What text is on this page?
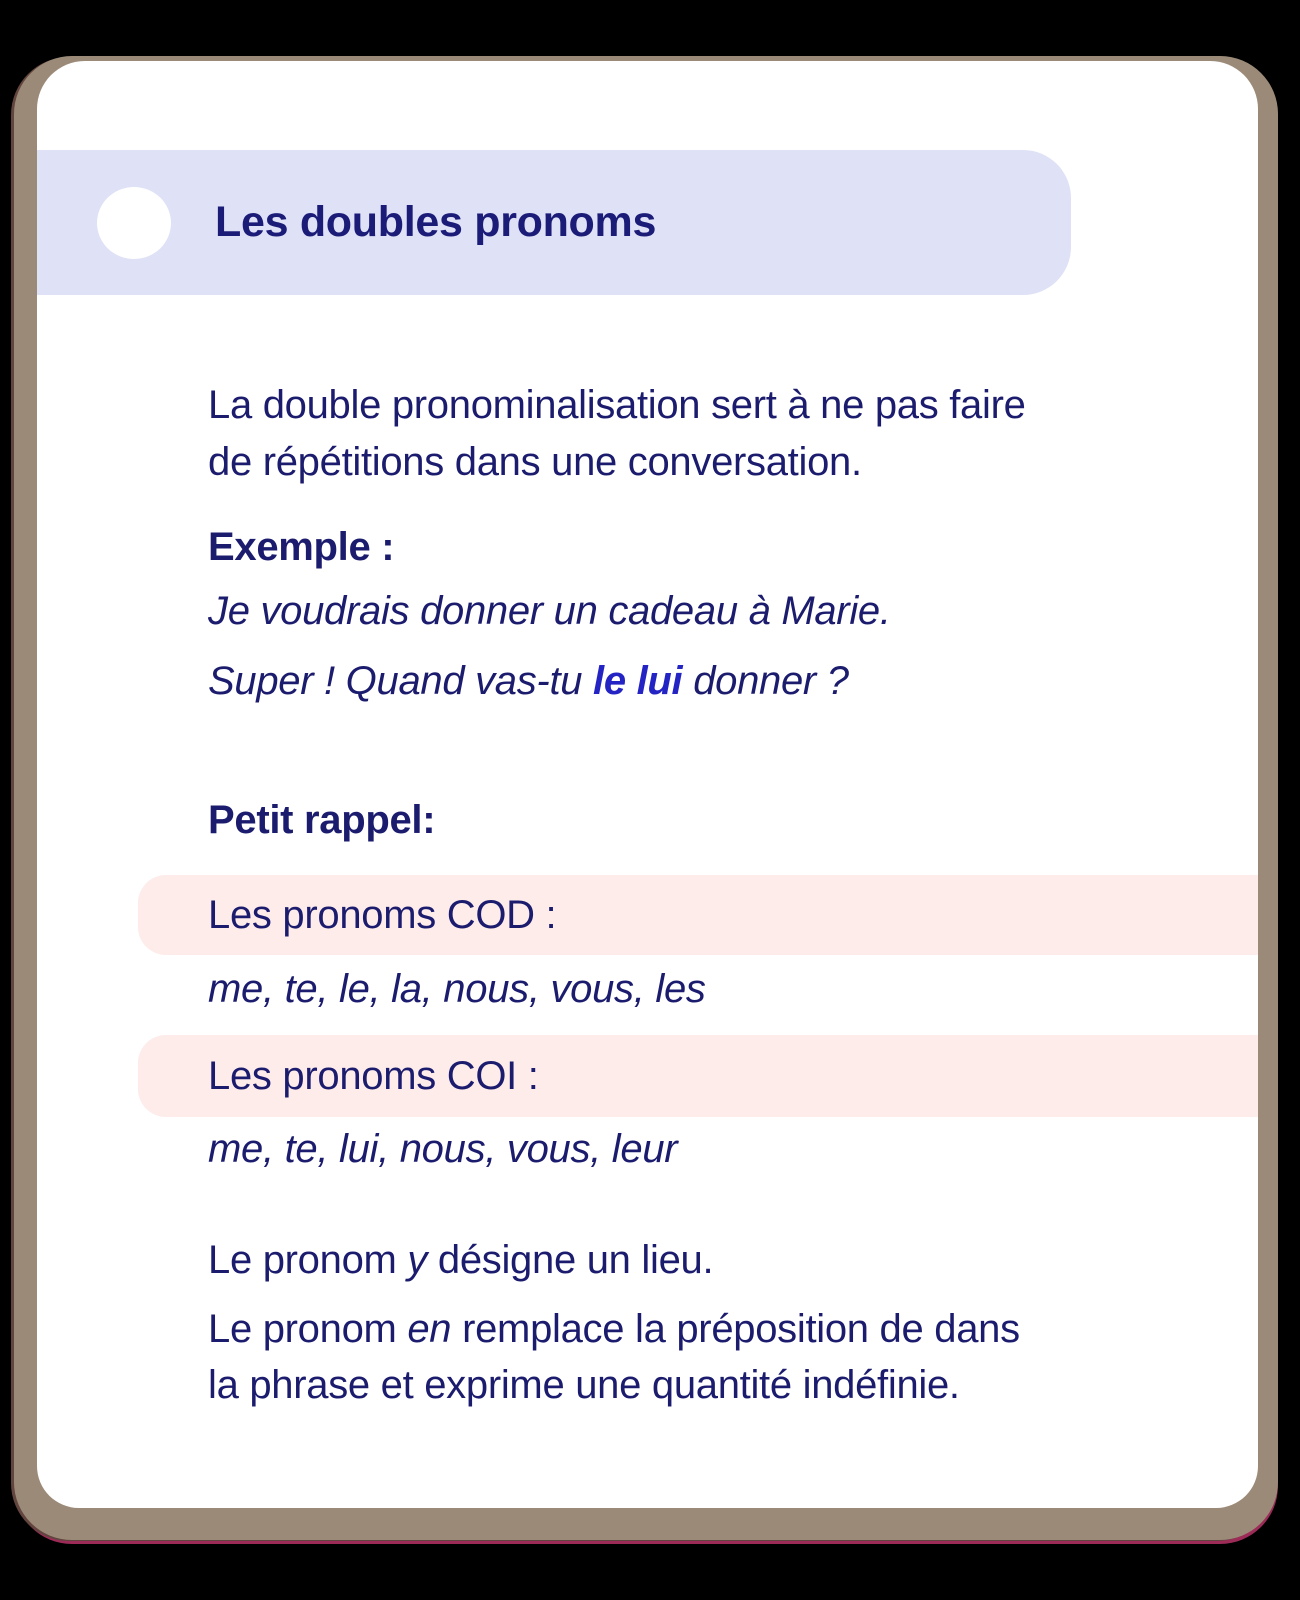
Les doubles pronoms
La double pronominalisation sert à ne pas faire
de répétitions dans une conversation.
Exemple :
Je voudrais donner un cadeau à Marie.
Super ! Quand vas-tu le lui donner ?
Petit rappel:
Les pronoms COD :
me, te, le, la, nous, vous, les
Les pronoms COI :
me, te, lui, nous, vous, leur
Le pronom y désigne un lieu.
Le pronom en remplace la préposition de dans
la phrase et exprime une quantité indéfinie.
